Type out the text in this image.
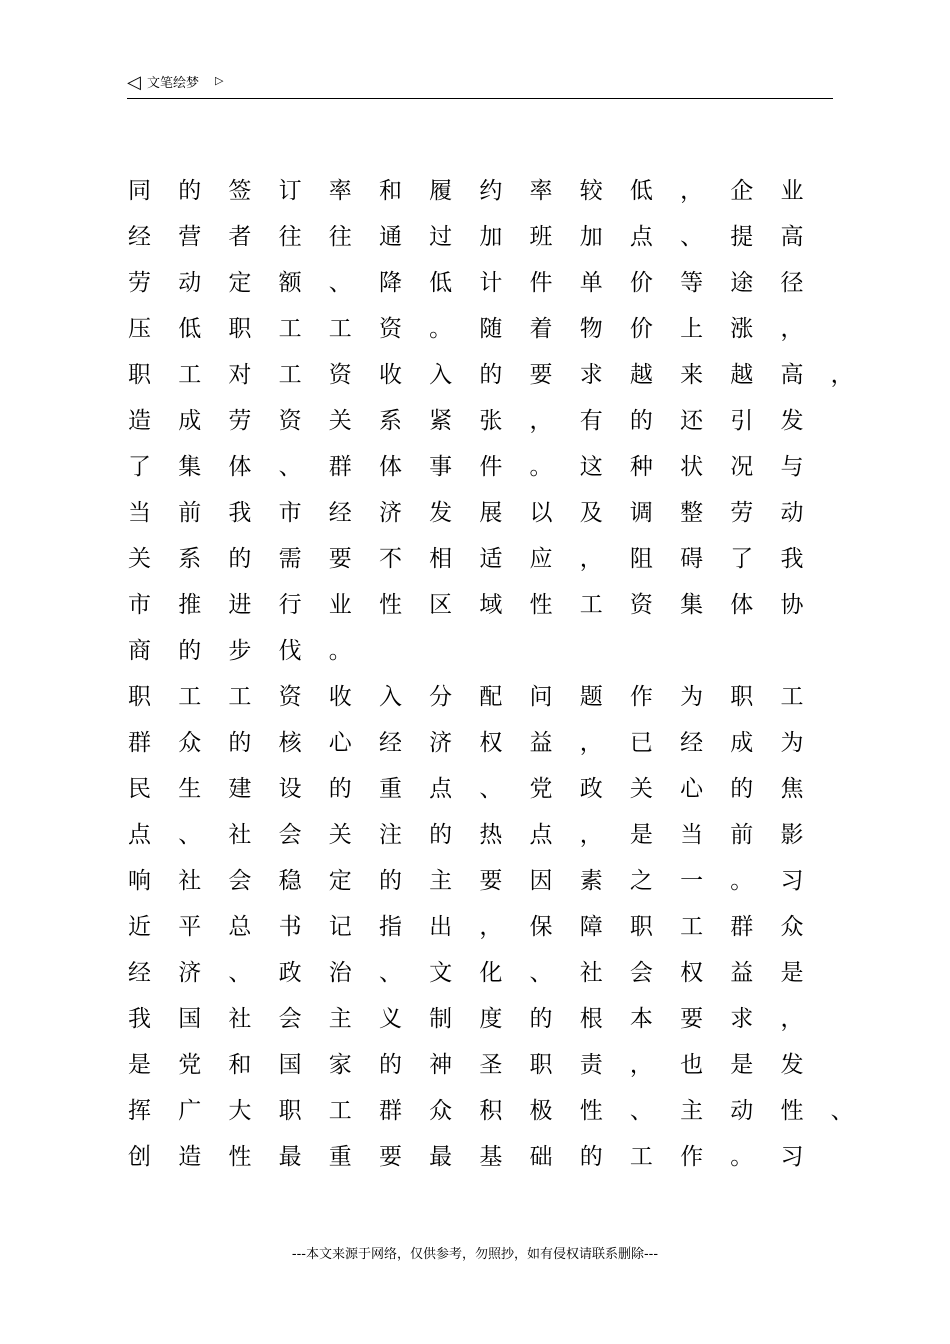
◁ 文笔绘梦 ▷
同	的	签	订	率	和	履	约	率	较	低	，	企	业
经	营	者	往	往	通	过	加	班	加	点	、	提	高
劳	动	定	额	、	降	低	计	件	单	价	等	途	径
压	低	职	工	工	资	。	随	着	物	价	上	涨	，
职	工	对	工	资	收	入	的	要	求	越	来	越	高	，
造	成	劳	资	关	系	紧	张	，	有	的	还	引	发
了	集	体	、	群	体	事	件	。	这	种	状	况	与
当	前	我	市	经	济	发	展	以	及	调	整	劳	动
关	系	的	需	要	不	相	适	应	，	阻	碍	了	我
市	推	进	行	业	性	区	域	性	工	资	集	体	协
商	的	步	伐	。
职	工	工	资	收	入	分	配	问	题	作	为	职	工
群	众	的	核	心	经	济	权	益	，	已	经	成	为
民	生	建	设	的	重	点	、	党	政	关	心	的	焦
点	、	社	会	关	注	的	热	点	，	是	当	前	影
响	社	会	稳	定	的	主	要	因	素	之	一	。	习
近	平	总	书	记	指	出	，	保	障	职	工	群	众
经	济	、	政	治	、	文	化	、	社	会	权	益	是
我	国	社	会	主	义	制	度	的	根	本	要	求	，
是	党	和	国	家	的	神	圣	职	责	，	也	是	发
挥	广	大	职	工	群	众	积	极	性	、	主	动	性	、
创	造	性	最	重	要	最	基	础	的	工	作	。	习
---本文来源于网络，仅供参考，勿照抄，如有侵权请联系删除---
